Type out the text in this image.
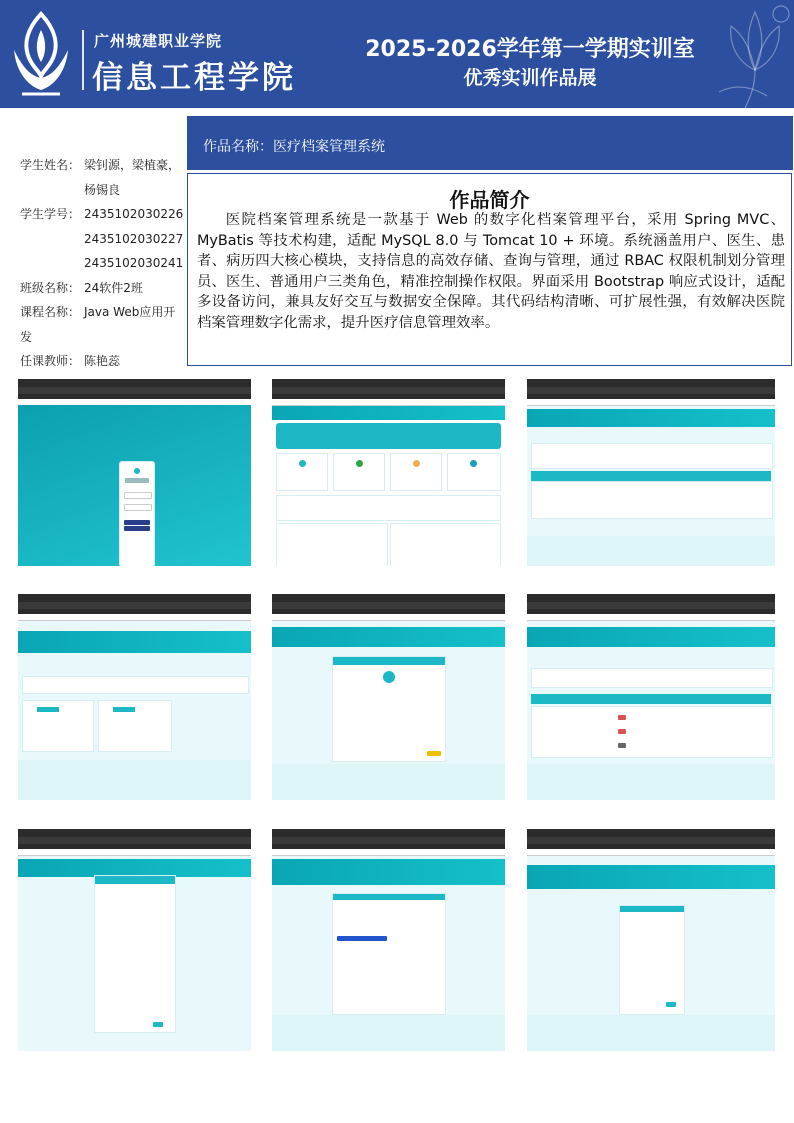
广州城建职业学院
信息工程学院
2025-2026学年第一学期实训室
优秀实训作品展
作品名称：医疗档案管理系统
学生姓名： 梁钊源，梁植豪，
杨锡良
学生学号： 2435102030226
2435102030227
2435102030241
班级名称： 24软件2班
课程名称： Java Web应用开
发
任课教师： 陈艳蕊
作品简介

医院档案管理系统是一款基于 Web 的数字化档案管理平台，采用 Spring MVC、MyBatis 等技术构建，适配 MySQL 8.0 与 Tomcat 10 + 环境。系统涵盖用户、医生、患者、病历四大核心模块，支持信息的高效存储、查询与管理，通过 RBAC 权限机制划分管理员、医生、普通用户三类角色，精准控制操作权限。界面采用 Bootstrap 响应式设计，适配多设备访问，兼具友好交互与数据安全保障。其代码结构清晰、可扩展性强，有效解决医院档案管理数字化需求，提升医疗信息管理效率。
